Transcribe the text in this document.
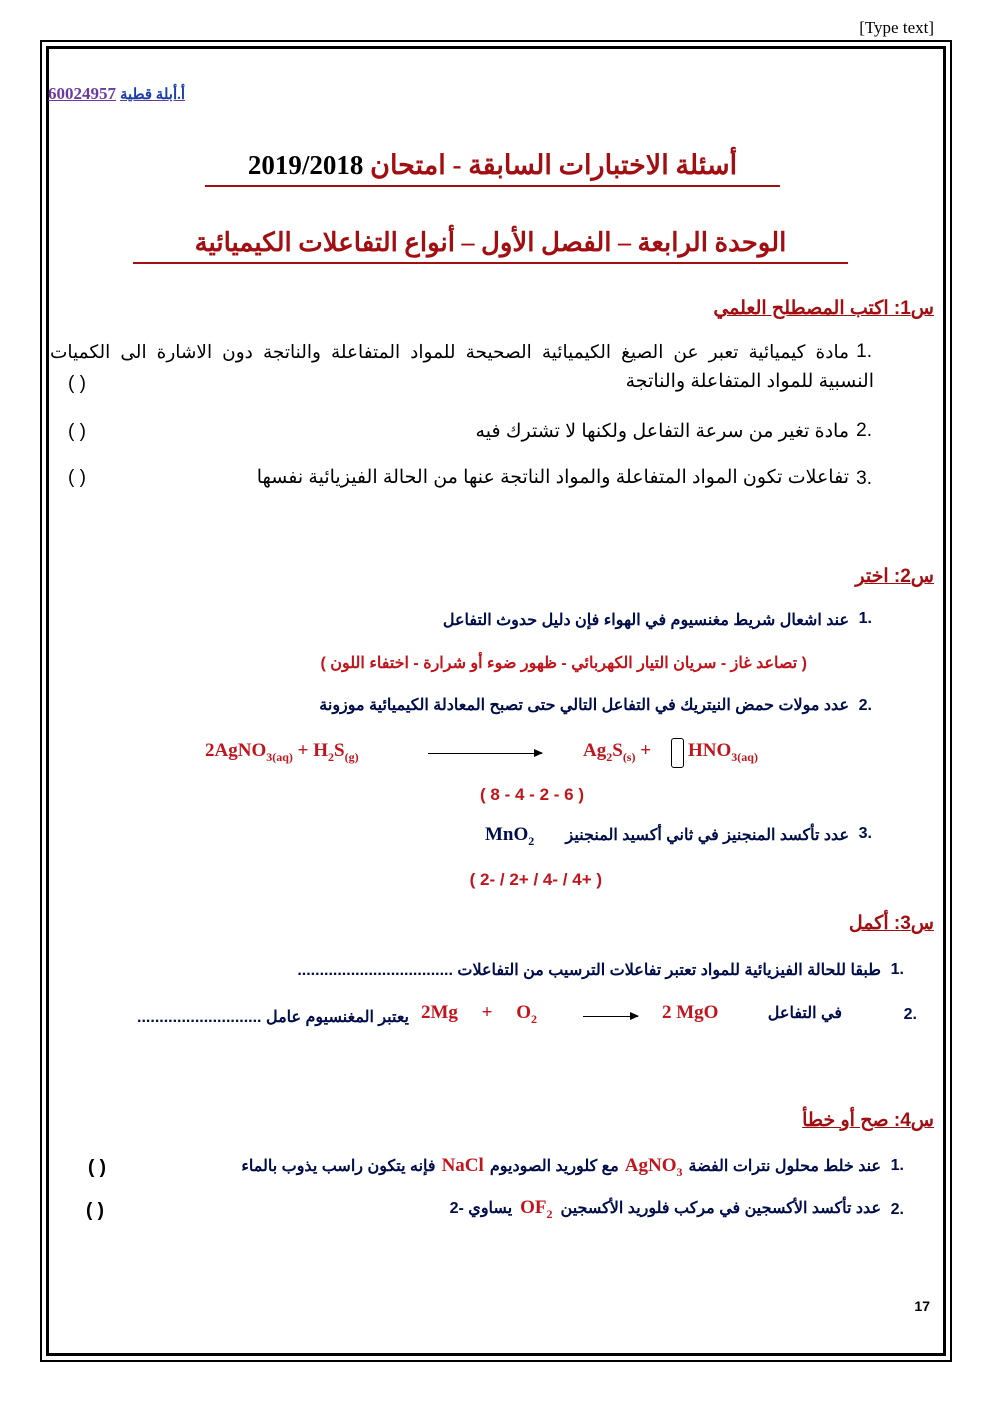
[Type text]
60024957 أ.أبلة قطية
أسئلة الاختبارات السابقة - امتحان 2019/2018
الوحدة الرابعة – الفصل الأول – أنواع التفاعلات الكيميائية
س1: اكتب المصطلح العلمي
.1
مادة كيميائية تعبر عن الصيغ الكيميائية الصحيحة للمواد المتفاعلة والناتجة دون الاشارة الى الكميات
النسبية للمواد المتفاعلة والناتجة
( )
.2
مادة تغير من سرعة التفاعل ولكنها لا تشترك فيه
( )
.3
تفاعلات تكون المواد المتفاعلة والمواد الناتجة عنها من الحالة الفيزيائية نفسها
( )
س2: اختر
.1
عند اشعال شريط مغنسيوم في الهواء فإن دليل حدوث التفاعل
( تصاعد غاز - سريان التيار الكهربائي - ظهور ضوء أو شرارة - اختفاء اللون )
.2
عدد مولات حمض النيتريك في التفاعل التالي حتى تصبح المعادلة الكيميائية موزونة
2AgNO$_{3(aq)}$ + $H_2S_{(g)}$	$Ag_2S_{(s)} + HNO_{3(aq)}$
( 6 - 2 - 4 - 8 )
.3
عدد تأكسد المنجنيز في ثاني أكسيد المنجنيز
MnO$_2$
( +4 / -4 / +2 / -2 )
س3: أكمل
.1
طبقا للحالة الفيزيائية للمواد تعتبر تفاعلات الترسيب من التفاعلات ...................................
.2
في التفاعل
2 MgO
2Mg     +     $O_2$
يعتبر المغنسيوم عامل ............................
س4: صح أو خطأ
.1
عند خلط محلول نترات الفضة
AgNO$_3$
مع كلوريد الصوديوم
NaCl
فإنه يتكون راسب يذوب بالماء
( )
.2
عدد تأكسد الأكسجين في مركب فلوريد الأكسجين
$OF_2$
يساوي -2
( )
17
